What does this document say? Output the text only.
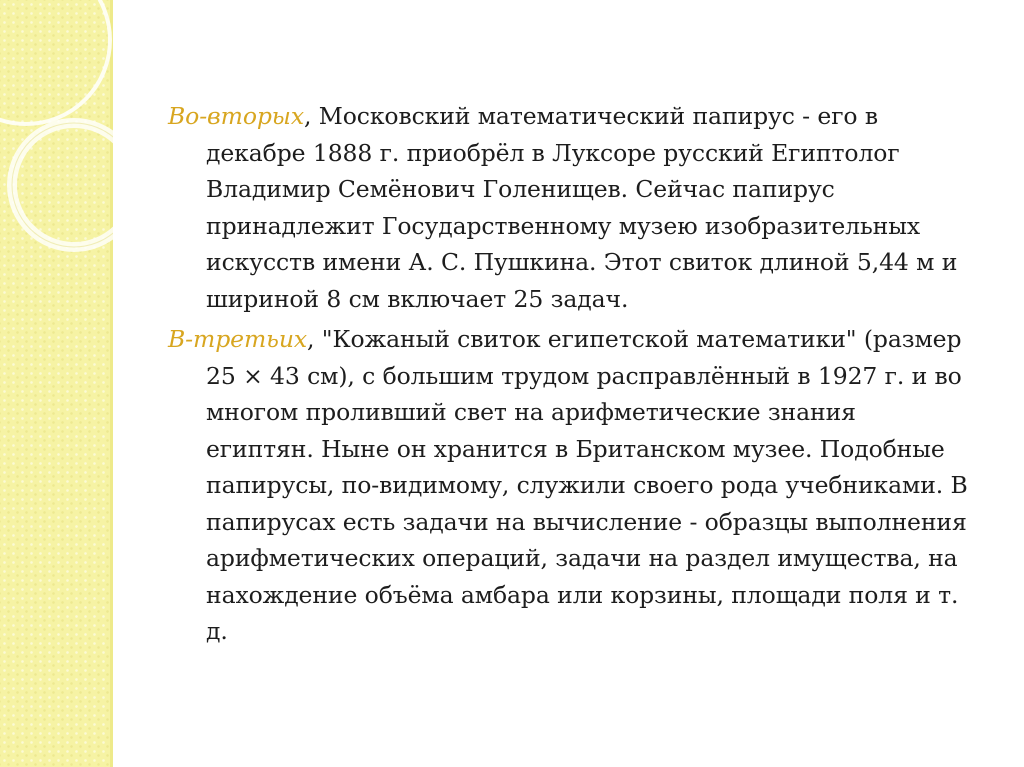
Во-вторых, Московский математический папирус - его в декабре 1888 г. приобрёл в Луксоре русский Египтолог Владимир Семёнович Голенищев. Сейчас папирус принадлежит Государственному музею изобразительных искусств имени А. С. Пушкина. Этот свиток длиной 5,44 м и шириной 8 см включает 25 задач.

В-третьих, "Кожаный свиток египетской математики" (размер 25 × 43 см), с большим трудом расправлённый в 1927 г. и во многом проливший свет на арифметические знания египтян. Ныне он хранится в Британском музее. Подобные папирусы, по-видимому, служили своего рода учебниками. В папирусах есть задачи на вычисление - образцы выполнения арифметических операций, задачи на раздел имущества, на нахождение объёма амбара или корзины, площади поля и т. д.
